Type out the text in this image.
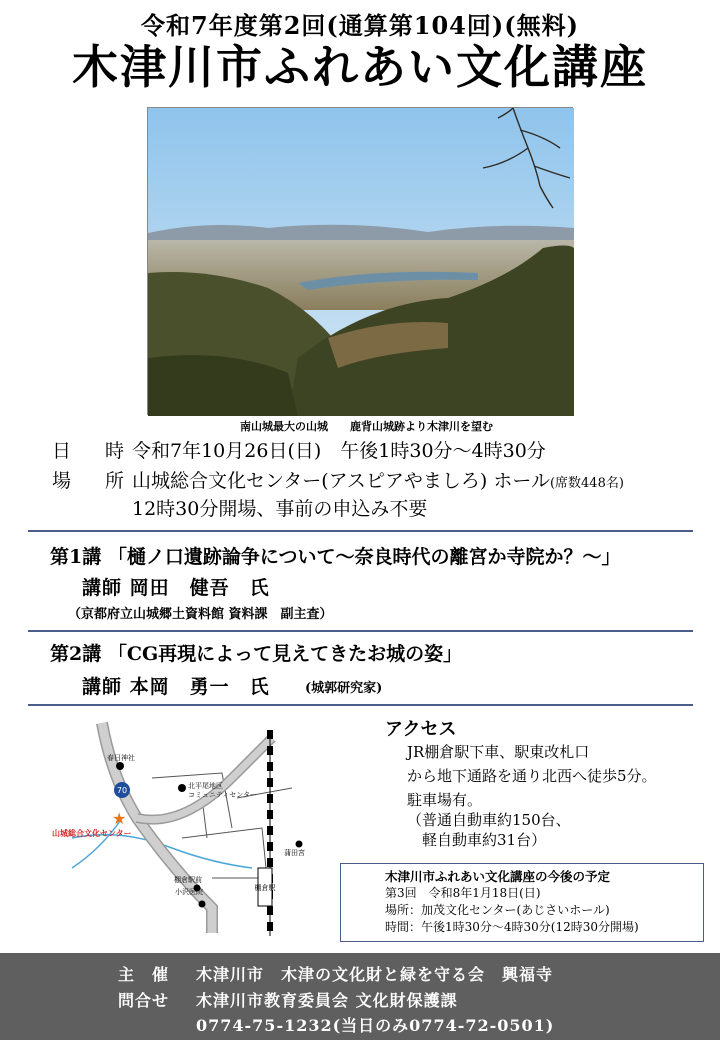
令和7年度第2回(通算第104回)(無料)
木津川市ふれあい文化講座
南山城最大の山城　　鹿背山城跡より木津川を望む
日 時令和7年10月26日(日)　午後1時30分～4時30分
場 所山城総合文化センター(アスピアやましろ) ホール(席数448名)
12時30分開場、事前の申込み不要
第1講 「樋ノ口遺跡論争について～奈良時代の離宮か寺院か？～」
講師 岡田　健吾　氏
（京都府立山城郷土資料館 資料課　副主査）
第2講 「CG再現によって見えてきたお城の姿」
講師 本岡　勇一　氏	(城郭研究家)
棚倉駅
春日神社
北平尾地区
コミュニティセンター
70
★
山城総合文化センター
蒲田宮
棚倉駅前
小沢医院
アクセス
JR棚倉駅下車、駅東改札口
から地下通路を通り北西へ徒歩5分。
駐車場有。
（普通自動車約150台、
　軽自動車約31台）
木津川市ふれあい文化講座の今後の予定
第3回　令和8年1月18日(日)
場所：加茂文化センター(あじさいホール)
時間：午後1時30分～4時30分(12時30分開場)
主　催 木津川市　木津の文化財と緑を守る会　興福寺
問合せ 木津川市教育委員会 文化財保護課
0774-75-1232(当日のみ0774-72-0501)
